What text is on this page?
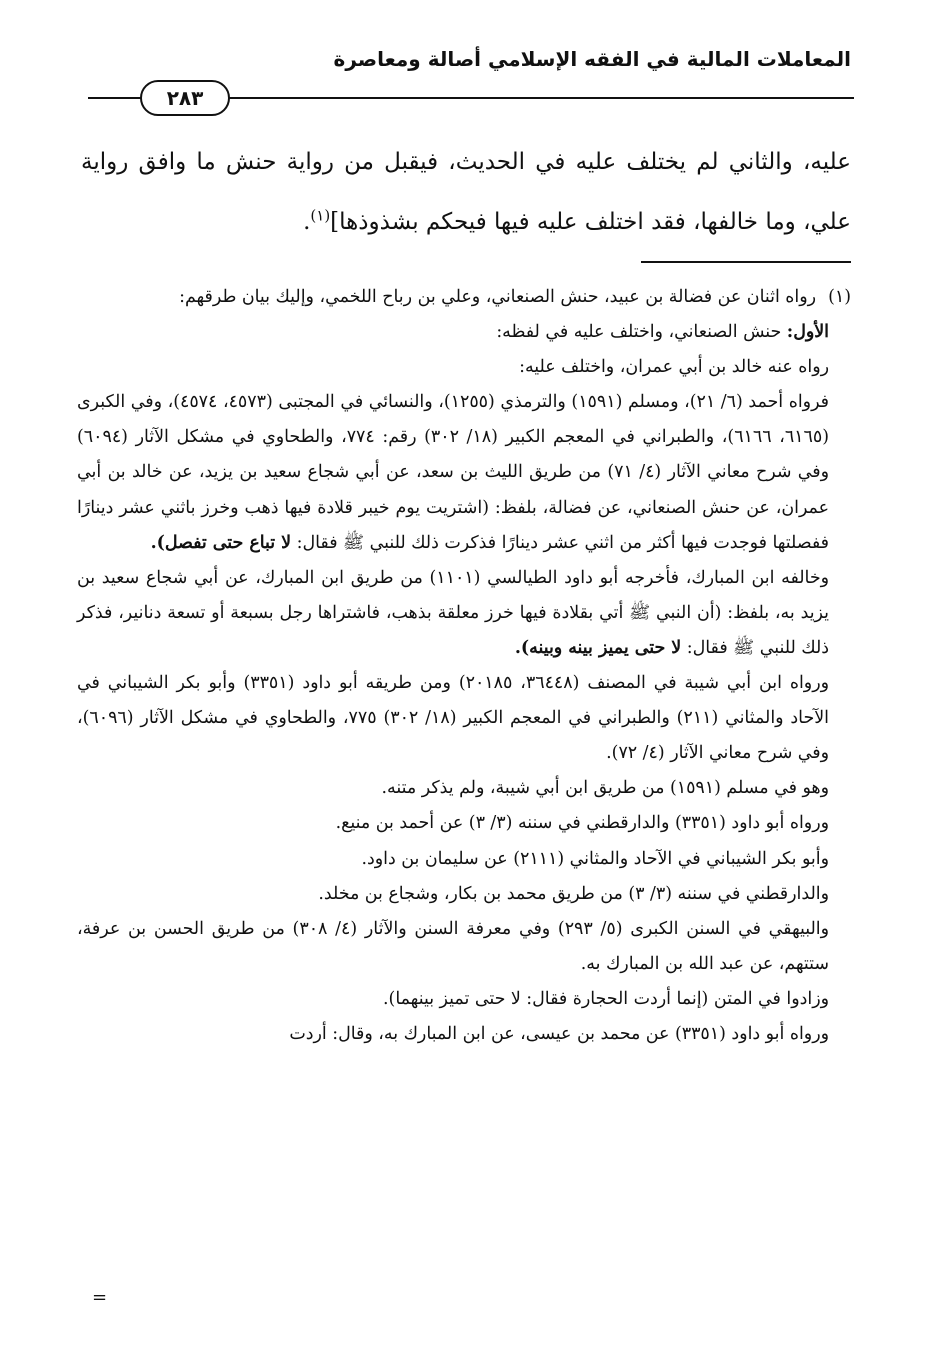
المعاملات المالية في الفقه الإسلامي أصالة ومعاصرة
٢٨٣

عليه، والثاني لم يختلف عليه في الحديث، فيقبل من رواية حنش ما وافق رواية علي، وما خالفها، فقد اختلف عليه فيها فيحكم بشذوذها]$^{(١)}$.

(١)رواه اثنان عن فضالة بن عبيد، حنش الصنعاني، وعلي بن رباح اللخمي، وإليك بيان طرقهم:

الأول: حنش الصنعاني، واختلف عليه في لفظه:

رواه عنه خالد بن أبي عمران، واختلف عليه:

فرواه أحمد (٦/ ٢١)، ومسلم (١٥٩١) والترمذي (١٢٥٥)، والنسائي في المجتبى (٤٥٧٣، ٤٥٧٤)، وفي الكبرى (٦١٦٥، ٦١٦٦)، والطبراني في المعجم الكبير (١٨/ ٣٠٢) رقم: ٧٧٤، والطحاوي في مشكل الآثار (٦٠٩٤) وفي شرح معاني الآثار (٤/ ٧١) من طريق الليث بن سعد، عن أبي شجاع سعيد بن يزيد، عن خالد بن أبي عمران، عن حنش الصنعاني، عن فضالة، بلفظ: (اشتريت يوم خيبر قلادة فيها ذهب وخرز باثني عشر دينارًا ففصلتها فوجدت فيها أكثر من اثني عشر دينارًا فذكرت ذلك للنبي ﷺ فقال: لا تباع حتى تفصل).

وخالفه ابن المبارك، فأخرجه أبو داود الطيالسي (١١٠١) من طريق ابن المبارك، عن أبي شجاع سعيد بن يزيد به، بلفظ: (أن النبي ﷺ أتي بقلادة فيها خرز معلقة بذهب، فاشتراها رجل بسبعة أو تسعة دنانير، فذكر ذلك للنبي ﷺ فقال: لا حتى يميز بينه وبينه).

ورواه ابن أبي شيبة في المصنف (٣٦٤٤٨، ٢٠١٨٥) ومن طريقه أبو داود (٣٣٥١) وأبو بكر الشيباني في الآحاد والمثاني (٢١١) والطبراني في المعجم الكبير (١٨/ ٣٠٢) ٧٧٥، والطحاوي في مشكل الآثار (٦٠٩٦)، وفي شرح معاني الآثار (٤/ ٧٢).

وهو في مسلم (١٥٩١) من طريق ابن أبي شيبة، ولم يذكر متنه.

ورواه أبو داود (٣٣٥١) والدارقطني في سننه (٣/ ٣) عن أحمد بن منيع.

وأبو بكر الشيباني في الآحاد والمثاني (٢١١١) عن سليمان بن داود.

والدارقطني في سننه (٣/ ٣) من طريق محمد بن بكار، وشجاع بن مخلد.

والبيهقي في السنن الكبرى (٥/ ٢٩٣) وفي معرفة السنن والآثار (٤/ ٣٠٨) من طريق الحسن بن عرفة، ستتهم، عن عبد الله بن المبارك به.

وزادوا في المتن (إنما أردت الحجارة فقال: لا حتى تميز بينهما).

ورواه أبو داود (٣٣٥١) عن محمد بن عيسى، عن ابن المبارك به، وقال: أردت

=
